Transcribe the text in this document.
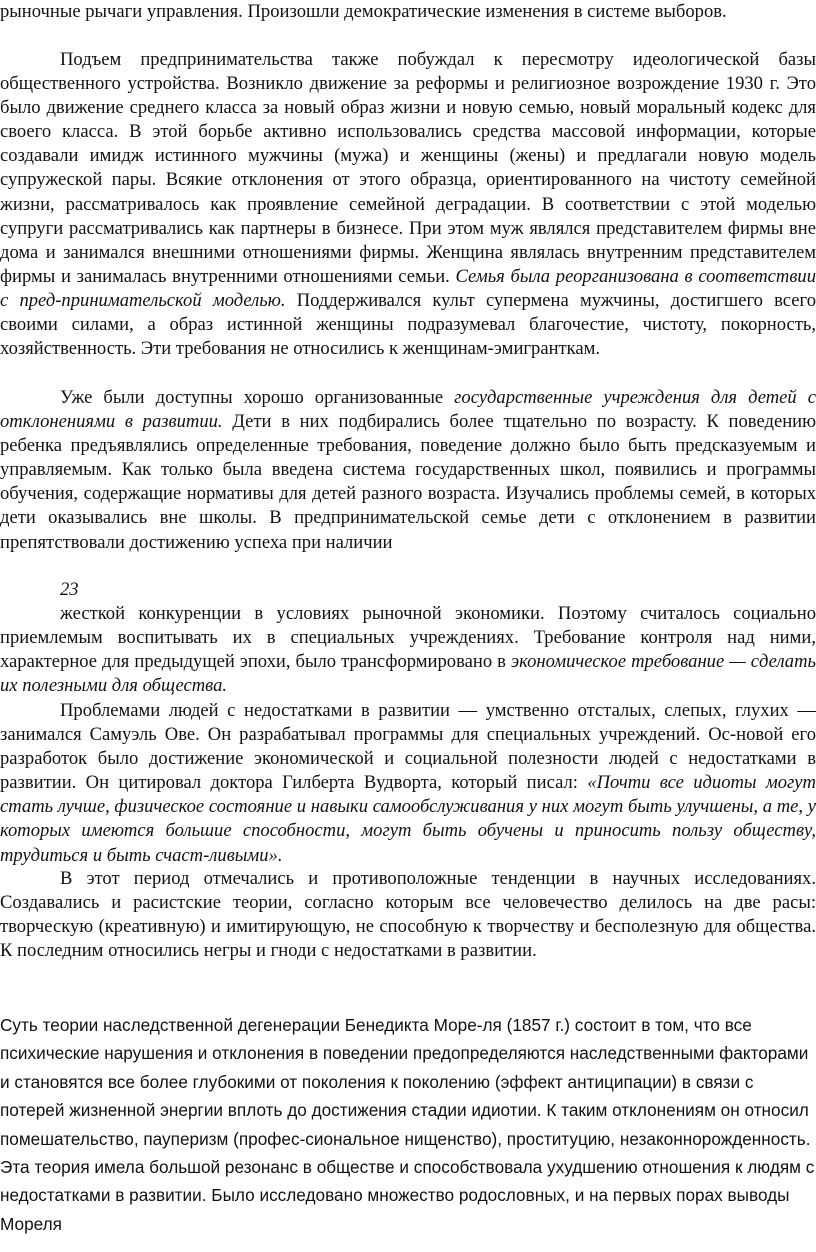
рыночные рычаги управления. Произошли демократические изменения в системе выборов.

Подъем предпринимательства также побуждал к пересмотру идеологической базы общественного устройства. Возникло движение за реформы и религиозное возрождение 1930 г. Это было движение среднего класса за новый образ жизни и новую семью, новый моральный кодекс для своего класса. В этой борьбе активно использовались средства массовой информации, которые создавали имидж истинного мужчины (мужа) и женщины (жены) и предлагали новую модель супружеской пары. Всякие отклонения от этого образца, ориентированного на чистоту семейной жизни, рассматривалось как проявление семейной деградации. В соответствии с этой моделью супруги рассматривались как партнеры в бизнесе. При этом муж являлся представителем фирмы вне дома и занимался внешними отношениями фирмы. Женщина являлась внутренним представителем фирмы и занималась внутренними отношениями семьи. Семья была реорганизована в соответствии с пред-принимательской моделью. Поддерживался культ супермена мужчины, достигшего всего своими силами, а образ истинной женщины подразумевал благочестие, чистоту, покорность, хозяйственность. Эти требования не относились к женщинам-эмигранткам.

Уже были доступны хорошо организованные государственные учреждения для детей с отклонениями в развитии. Дети в них подбирались более тщательно по возрасту. К поведению ребенка предъявлялись определенные требования, поведение должно было быть предсказуемым и управляемым. Как только была введена система государственных школ, появились и программы обучения, содержащие нормативы для детей разного возраста. Изучались проблемы семей, в которых дети оказывались вне школы. В предпринимательской семье дети с отклонением в развитии препятствовали достижению успеха при наличии

23

жесткой конкуренции в условиях рыночной экономики. Поэтому считалось социально приемлемым воспитывать их в специальных учреждениях. Требование контроля над ними, характерное для предыдущей эпохи, было трансформировано в экономическое требование — сделать их полезными для общества.

Проблемами людей с недостатками в развитии — умственно отсталых, слепых, глухих — занимался Самуэль Ове. Он разрабатывал программы для специальных учреждений. Ос-новой его разработок было достижение экономической и социальной полезности людей с недостатками в развитии. Он цитировал доктора Гилберта Вудворта, который писал: «Почти все идиоты могут стать лучше, физическое состояние и навыки самообслуживания у них могут быть улучшены, а те, у которых имеются большие способности, могут быть обучены и приносить пользу обществу, трудиться и быть счаст-ливыми».

В этот период отмечались и противоположные тенденции в научных исследованиях. Создавались и расистские теории, согласно которым все человечество делилось на две расы: творческую (креативную) и имитирующую, не способную к творчеству и бесполезную для общества. К последним относились негры и гноди с недостатками в развитии.

Суть теории наследственной дегенерации Бенедикта Море-ля (1857 г.) состоит в том, что все психические нарушения и отклонения в поведении предопределяются наследственными факторами и становятся все более глубокими от поколения к поколению (эффект антиципации) в связи с потерей жизненной энергии вплоть до достижения стадии идиотии. К таким отклонениям он относил помешательство, пауперизм (профес-сиональное нищенство), проституцию, незаконнорожденность. Эта теория имела большой резонанс в обществе и способствовала ухудшению отношения к людям с недостатками в развитии. Было исследовано множество родословных, и на первых порах выводы Мореля
